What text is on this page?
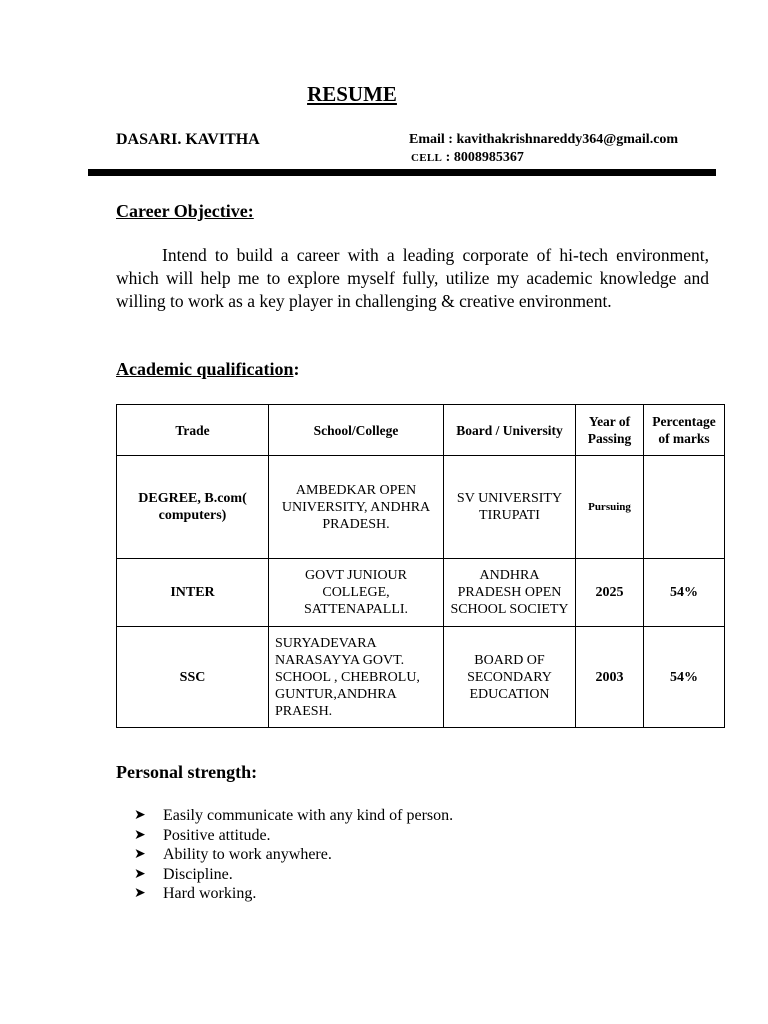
RESUME
DASARI. KAVITHA	Email : kavithakrishnareddy364@gmail.com
CELL : 8008985367
Career Objective:
Intend to build a career with a leading corporate of hi-tech environment, which will help me to explore myself fully, utilize my academic knowledge and willing to work as a key player in challenging & creative environment.
Academic qualification:
Trade	School/College	Board / University	Year of Passing	Percentage of marks
DEGREE, B.com( computers)	AMBEDKAR OPEN UNIVERSITY, ANDHRA PRADESH.	SV UNIVERSITY TIRUPATI	Pursuing	
INTER	GOVT JUNIOUR COLLEGE, SATTENAPALLI.	ANDHRA PRADESH OPEN SCHOOL SOCIETY	2025	54%
SSC	SURYADEVARA NARASAYYA GOVT. SCHOOL , CHEBROLU, GUNTUR,ANDHRA PRAESH.	BOARD OF SECONDARY EDUCATION	2003	54%
Personal strength:
➤	Easily communicate with any kind of person.
➤	Positive attitude.
➤	Ability to work anywhere.
➤	Discipline.
➤	Hard working.
